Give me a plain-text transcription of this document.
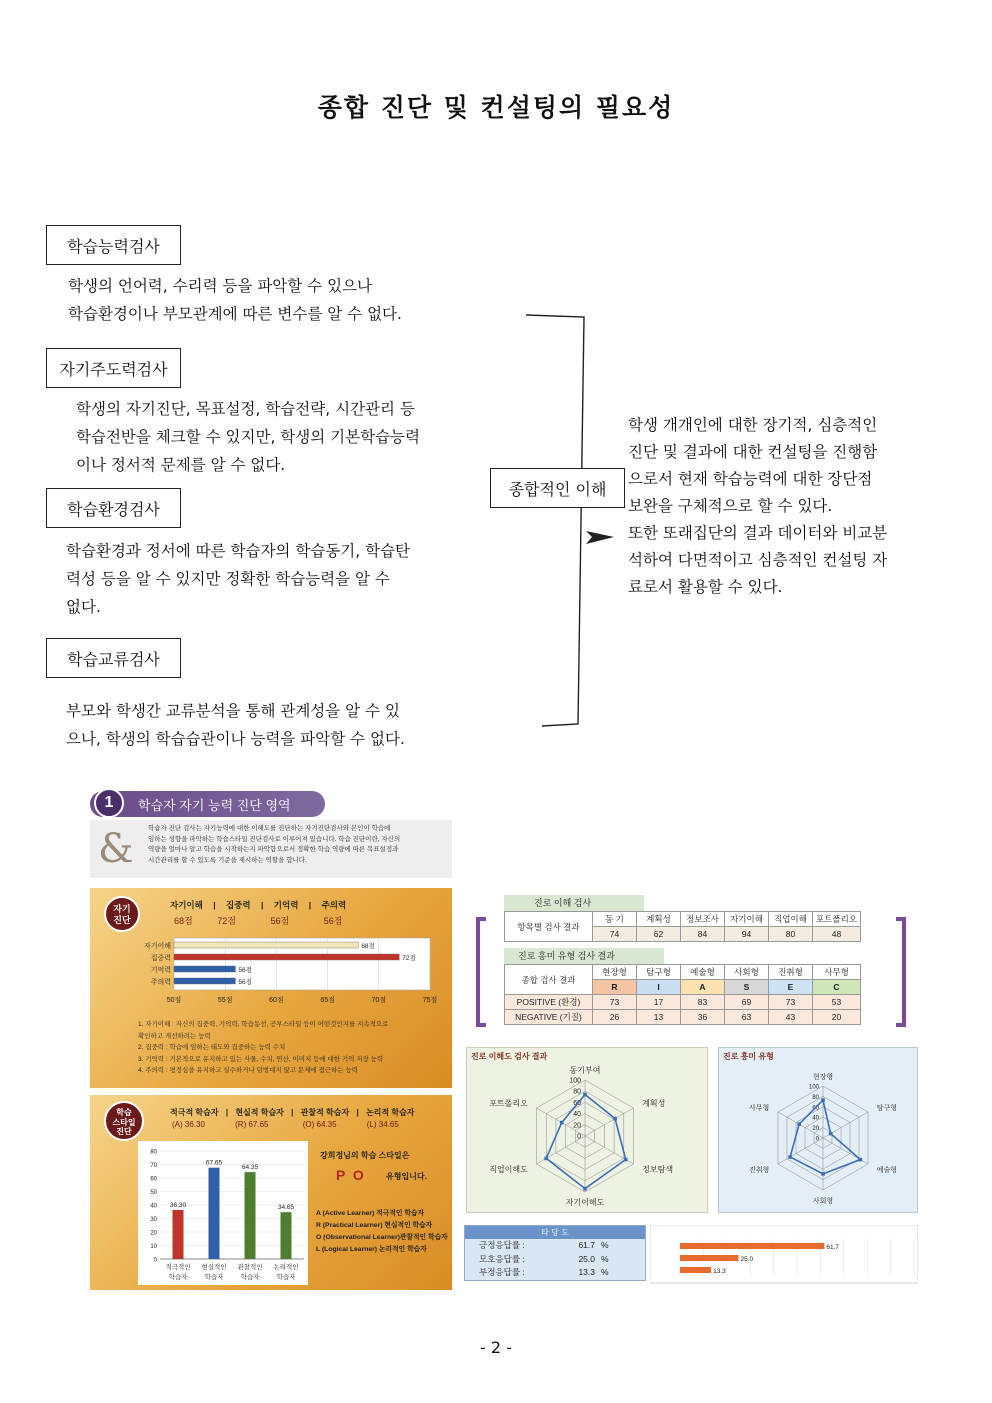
종합 진단 및 컨설팅의 필요성
학습능력검사
학생의 언어력, 수리력 등을 파악할 수 있으나
학습환경이나 부모관계에 따른 변수를 알 수 없다.
자기주도력검사
학생의 자기진단, 목표설정, 학습전략, 시간관리 등
학습전반을 체크할 수 있지만, 학생의 기본학습능력
이나 정서적 문제를 알 수 없다.
학습환경검사
학습환경과 정서에 따른 학습자의 학습동기, 학습탄
력성 등을 알 수 있지만 정확한 학습능력을 알 수
없다.
학습교류검사
부모와 학생간 교류분석을 통해 관계성을 알 수 있
으나, 학생의 학습습관이나 능력을 파악할 수 없다.
종합적인 이해
학생 개개인에 대한 장기적, 심층적인
진단 및 결과에 대한 컨설팅을 진행함
으로서 현재 학습능력에 대한 장단점
보완을 구체적으로 할 수 있다.
또한 또래집단의 결과 데이터와 비교분
석하여 다면적이고 심층적인 컨설팅 자
료로서 활용할 수 있다.
1	학습자 자기 능력 진단 영역
&	학습자 진단 검사는 자기능력에 대한 이해도를 진단하는 자기진단검사와 본인이 학습에
임하는 성향을 파악하는 학습스타일 진단검사로 이루어져 있습니다. 학습 진단이란, 자신의
역량을 얼마나 알고 학습을 시작하는지 파악함으로서 정확한 학습 역량에 따른 목표설정과
시간관리를 할 수 있도록 기준을 제시하는 역할을 합니다.
자기
진단
자기이해 | 집중력 | 기억력 | 주의력
68점	72점	56점	56점
50점	55점	60점	65점	70점	75점
자기이해	68점
집중력	72점
기억력	56점
주의력	56점
1. 자기이해 : 자신의 집중력, 기억력, 학습동선, 공부스타일 등이 어떤것인지를 지속적으로
확인하고 개선하려는 능력
2. 집중력 : 학습에 임하는 태도와 집중하는 능력 수치
3. 기억력 : 기본적으로 유지하고 있는 사물, 수치, 연산, 이미지 등에 대한 기억 저장 능력
4. 주의력 : 평정심을 유지하고 실수하거나 덤벙대지 않고 문제에 접근하는 능력
학습
스타일
진단
적극적 학습자 | 현실적 학습자 | 관찰적 학습자 | 논리적 학습자
(A) 36.30	(R) 67.65	(O) 64.35	(L) 34.65
0
10
20
30
40
50
60
70
80
36.30
적극적인
학습자
67.65
현실적인
학습자
64.35
관찰적인
학습자
34.65
논리적인
학습자
강희정님의 학습 스타일은
P  O	유형입니다.
A (Active Learner) 적극적인 학습자
R (Practical Learner) 현실적인 학습자
O (Observational Learner)관찰적인 학습자
L (Logical Learner) 논리적인 학습자
진로 이해 검사
항목별 검사 결과	동 기	계획성	정보조사	자기이해	직업이해	포트폴리오
	74	62	84	94	80	48
진로 흥미 유형 검사 결과
종합 검사 결과	현장형	탐구형	예술형	사회형	진취형	사무형
	R	I	A	S	E	C
POSITIVE (환경)	73	17	83	69	73	53
NEGATIVE (기질)	26	13	36	63	43	20
진로 이해도 검사 결과
0
20
40
60
80
100
동기부여
계획성
정보탐색
자기이해도
직업이해도
포트폴리오
진로 흥미 유형
0
20
40
60
80
100
현장형
탐구형
예술형
사회형
진취형
사무형
타 당 도
긍정응답률 :	61.7 %
모호응답률 :	25.0 %
부정응답률 :	13.3 %
61.7
25.0
13.3
- 2 -
